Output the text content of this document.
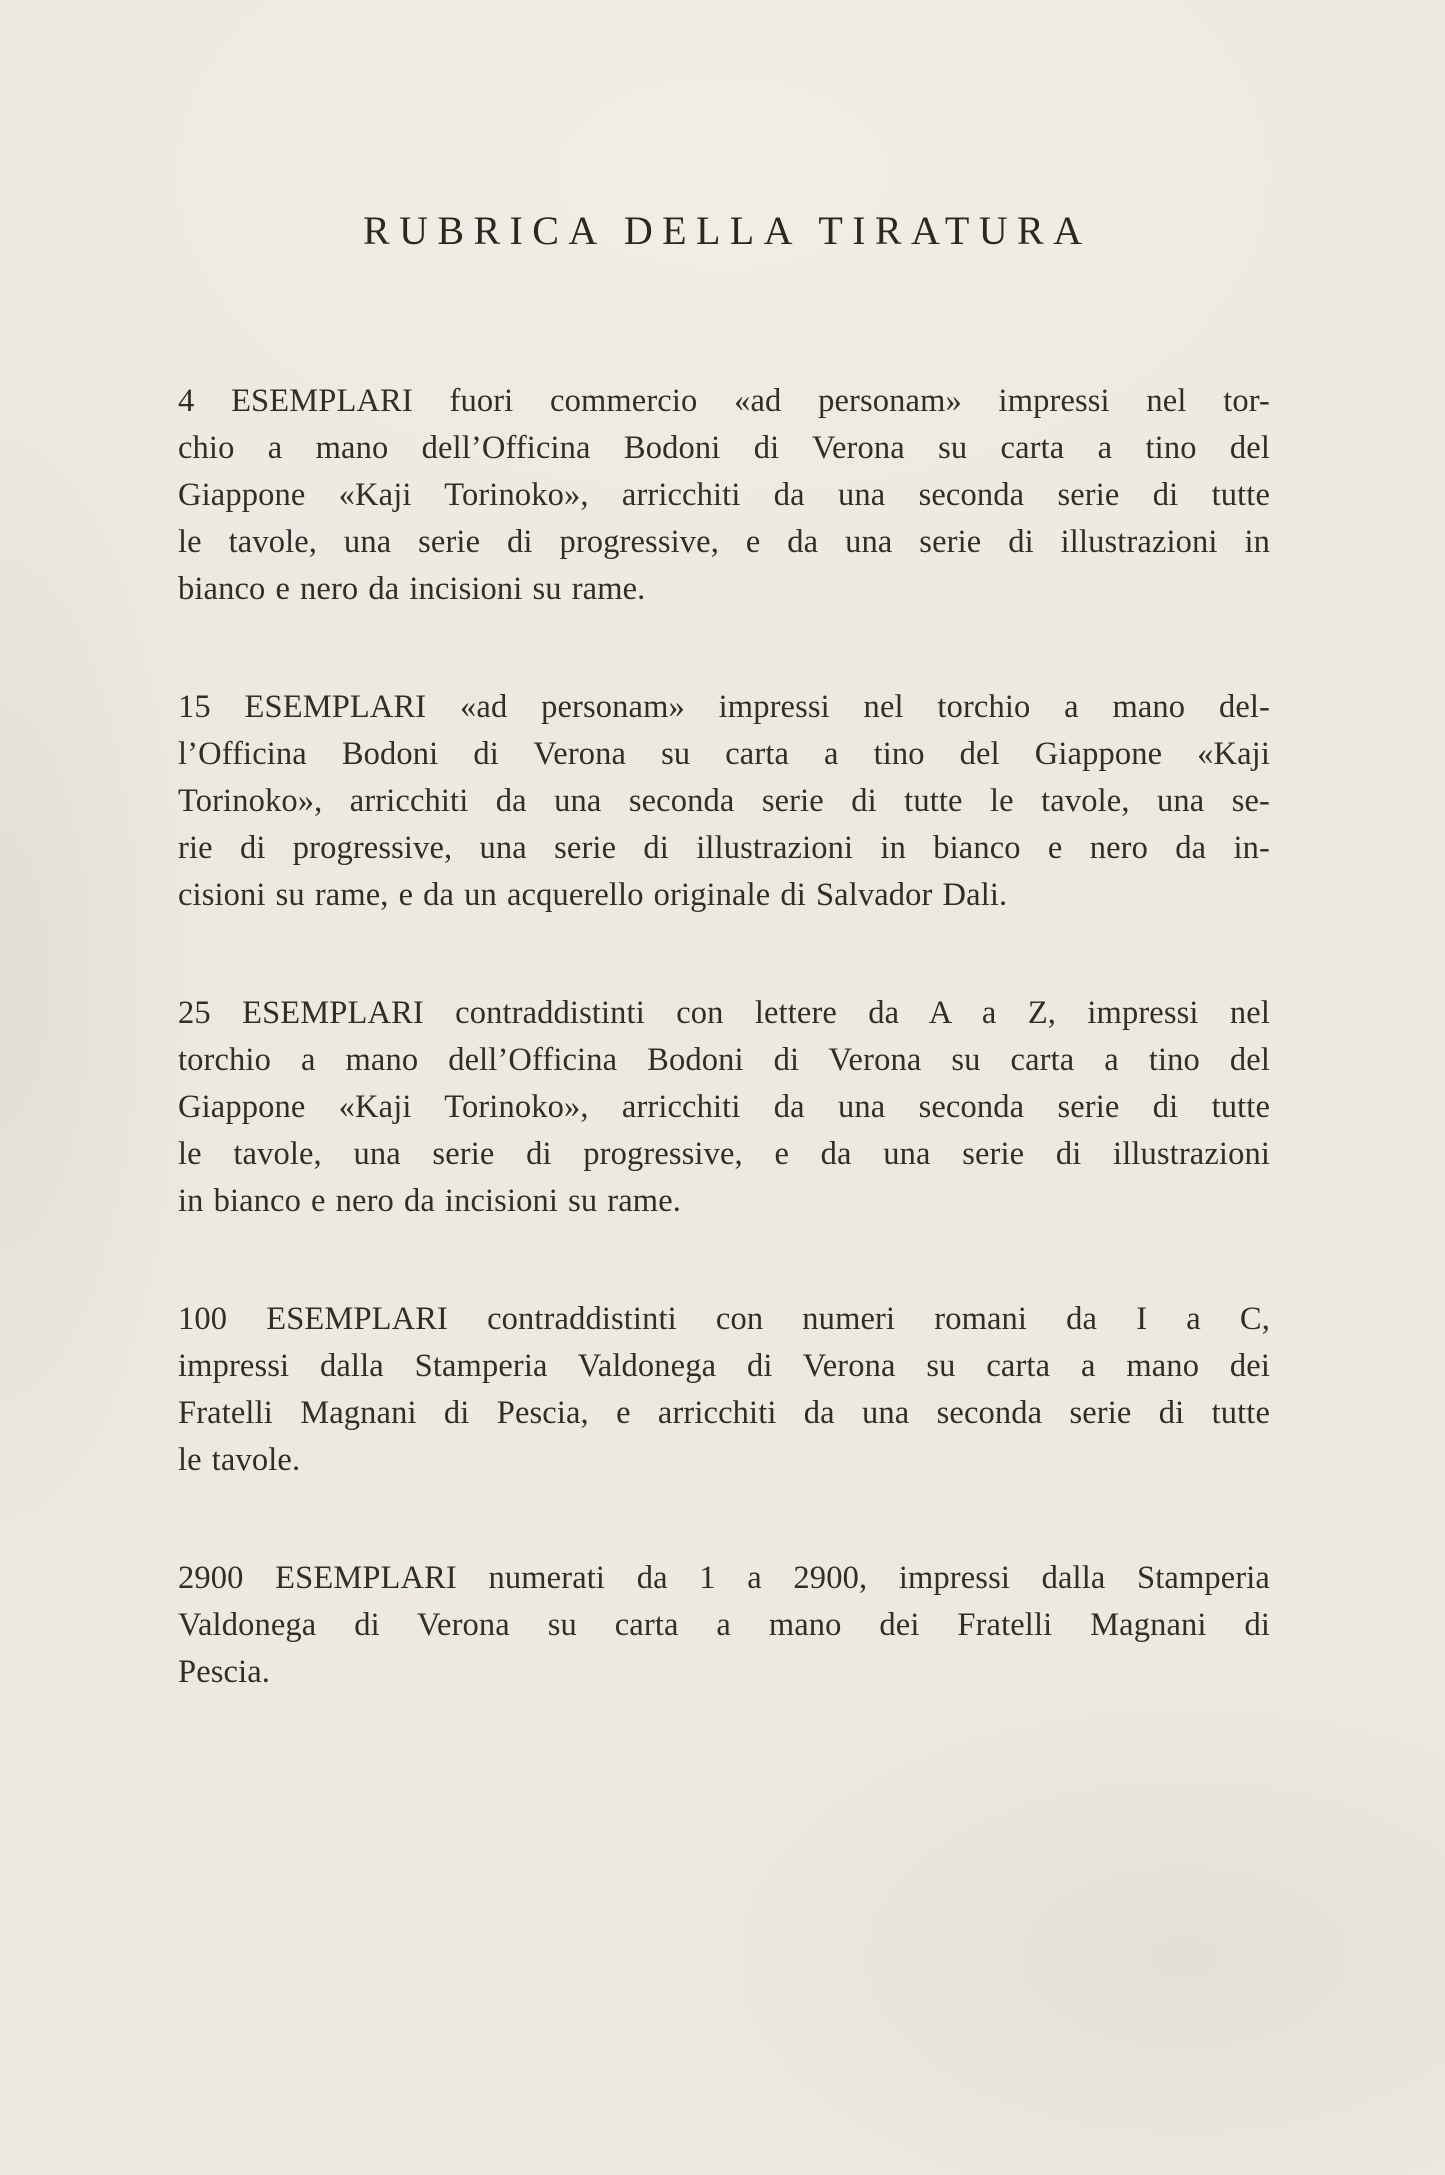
RUBRICA DELLA TIRATURA

4 ESEMPLARI fuori commercio «ad personam» impressi nel tor-
chio a mano dell’Officina Bodoni di Verona su carta a tino del
Giappone «Kaji Torinoko», arricchiti da una seconda serie di tutte
le tavole, una serie di progressive, e da una serie di illustrazioni in
bianco e nero da incisioni su rame.

15 ESEMPLARI «ad personam» impressi nel torchio a mano del-
l’Officina Bodoni di Verona su carta a tino del Giappone «Kaji
Torinoko», arricchiti da una seconda serie di tutte le tavole, una se-
rie di progressive, una serie di illustrazioni in bianco e nero da in-
cisioni su rame, e da un acquerello originale di Salvador Dali.

25 ESEMPLARI contraddistinti con lettere da A a Z, impressi nel
torchio a mano dell’Officina Bodoni di Verona su carta a tino del
Giappone «Kaji Torinoko», arricchiti da una seconda serie di tutte
le tavole, una serie di progressive, e da una serie di illustrazioni
in bianco e nero da incisioni su rame.

100 ESEMPLARI contraddistinti con numeri romani da I a C,
impressi dalla Stamperia Valdonega di Verona su carta a mano dei
Fratelli Magnani di Pescia, e arricchiti da una seconda serie di tutte
le tavole.

2900 ESEMPLARI numerati da 1 a 2900, impressi dalla Stamperia
Valdonega di Verona su carta a mano dei Fratelli Magnani di
Pescia.
